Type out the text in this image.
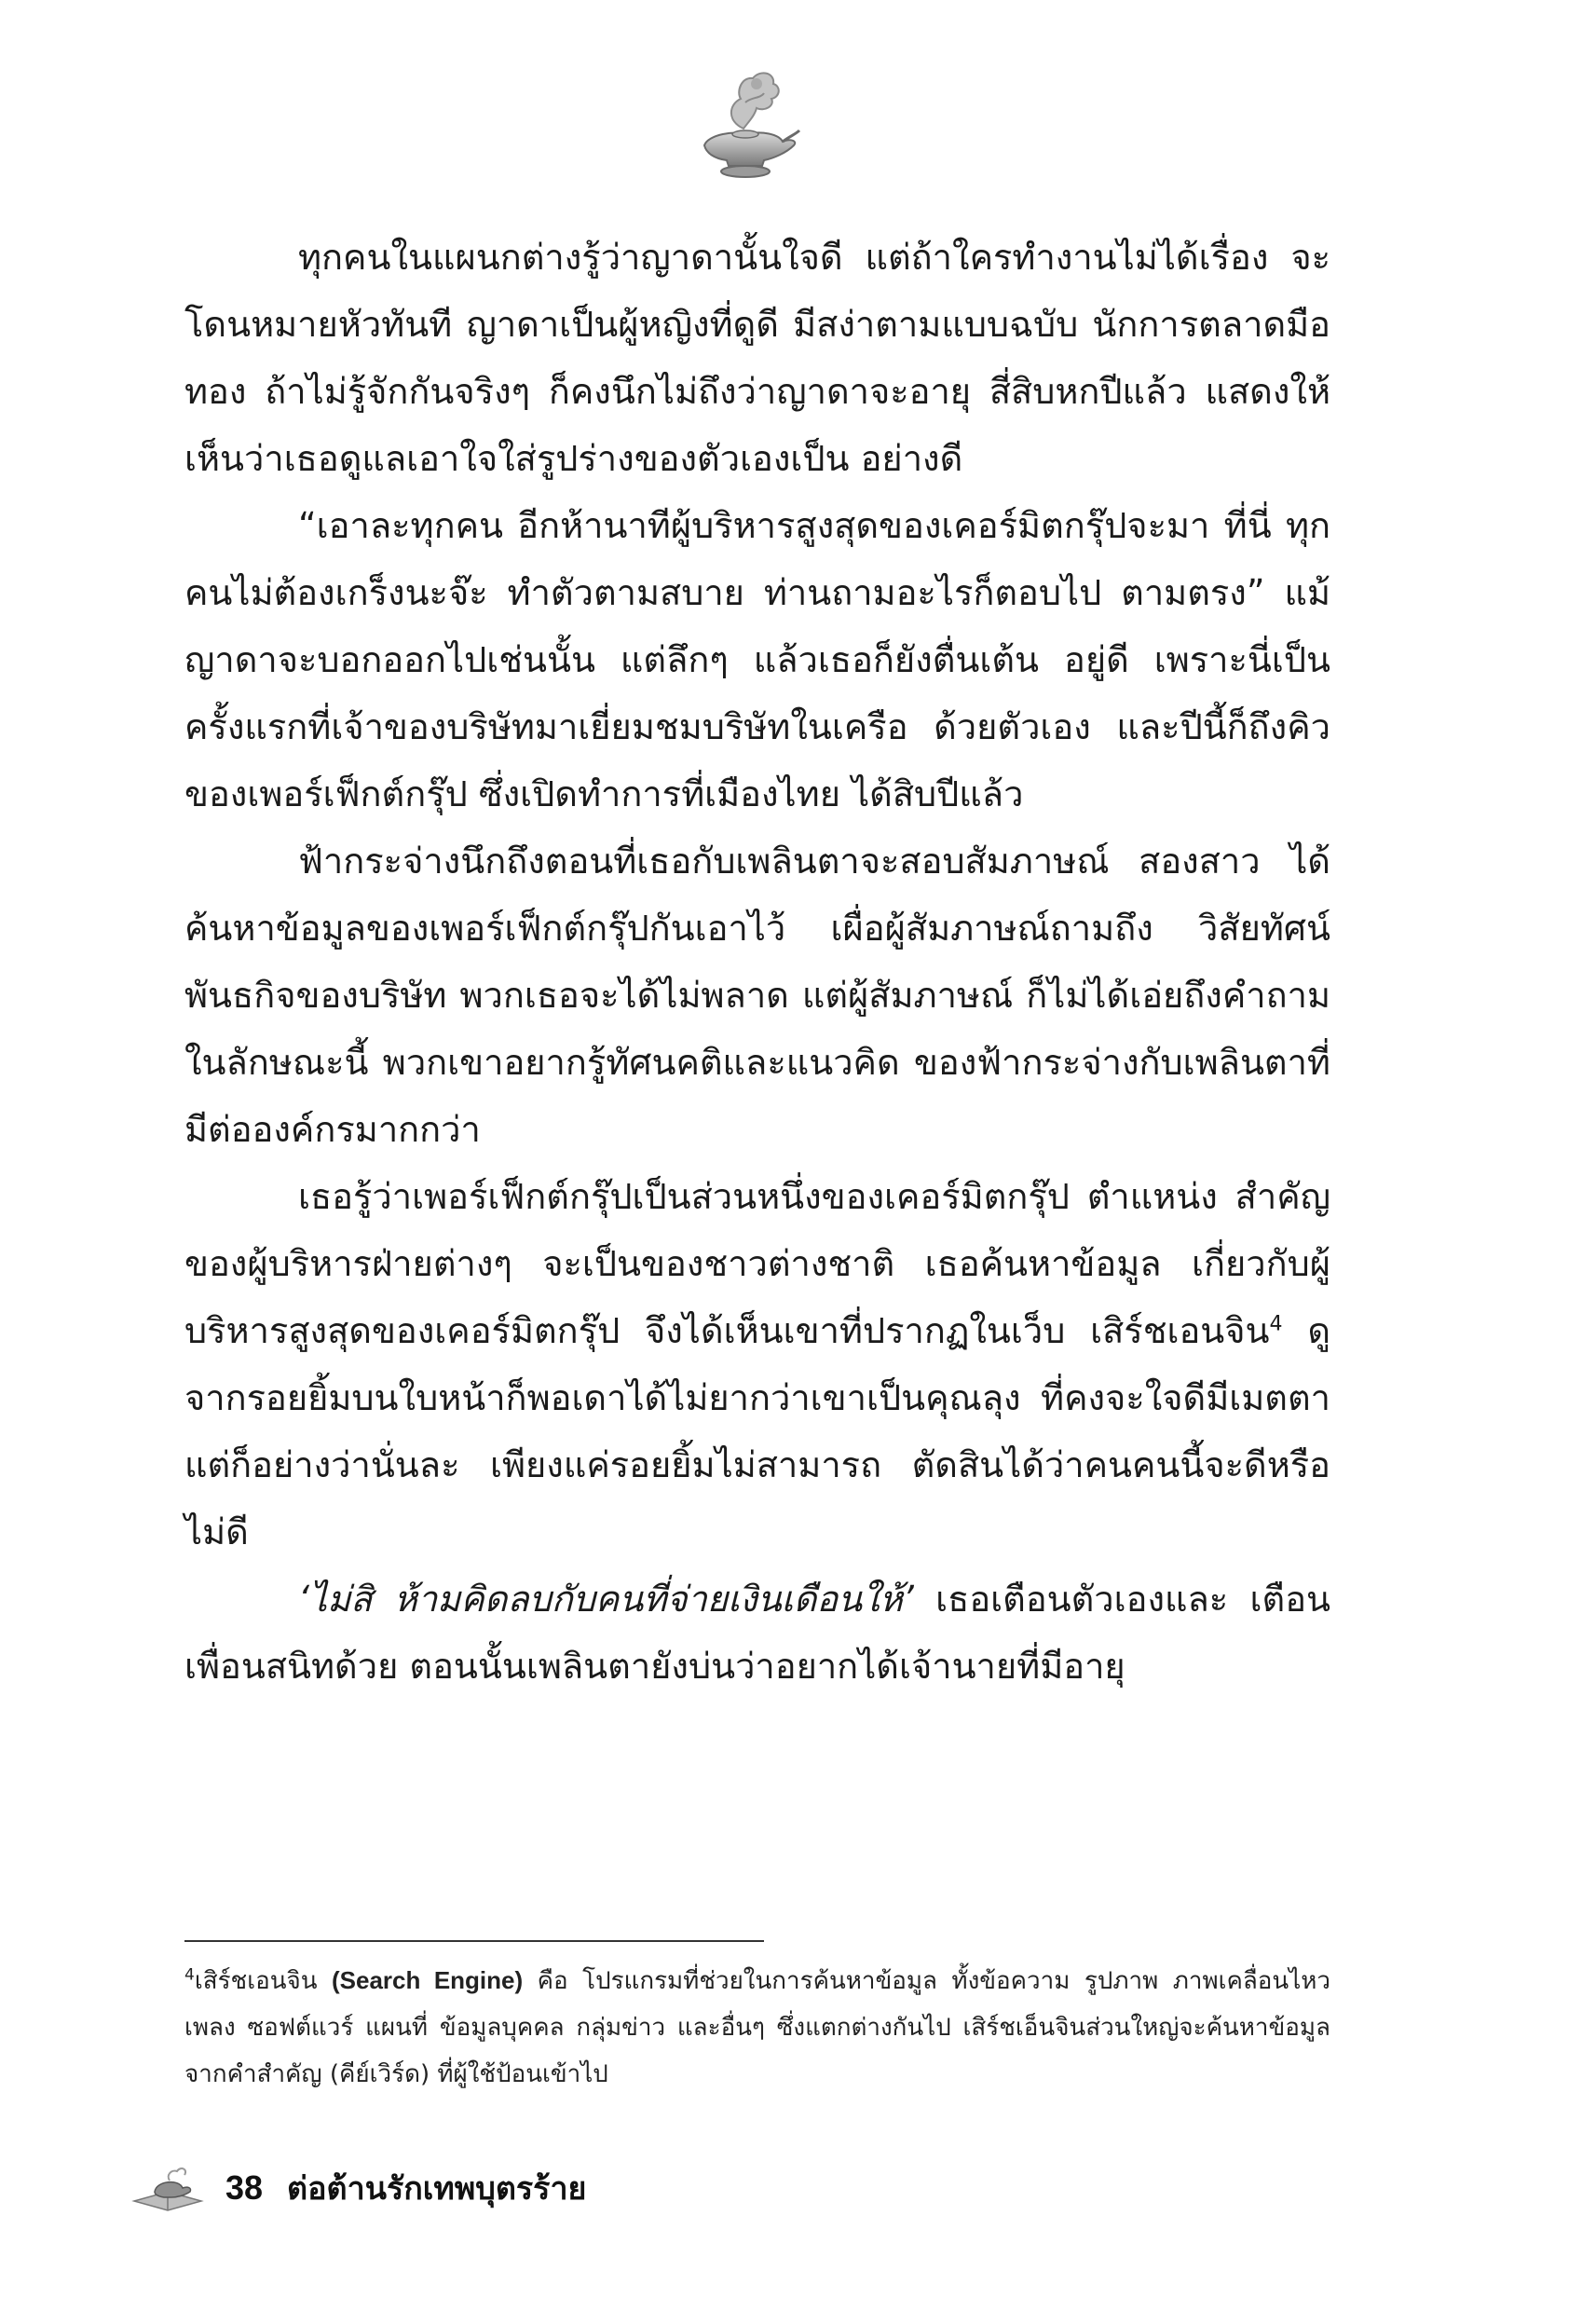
ทุกคนในแผนกต่างรู้ว่าญาดานั้นใจดี แต่ถ้าใครทำงานไม่ได้เรื่อง จะโดนหมายหัวทันที ญาดาเป็นผู้หญิงที่ดูดี มีสง่าตามแบบฉบับ นักการตลาดมือทอง ถ้าไม่รู้จักกันจริงๆ ก็คงนึกไม่ถึงว่าญาดาจะอายุ สี่สิบหกปีแล้ว แสดงให้เห็นว่าเธอดูแลเอาใจใส่รูปร่างของตัวเองเป็น อย่างดี

“เอาละทุกคน อีกห้านาทีผู้บริหารสูงสุดของเคอร์มิตกรุ๊ปจะมา ที่นี่ ทุกคนไม่ต้องเกร็งนะจ๊ะ ทำตัวตามสบาย ท่านถามอะไรก็ตอบไป ตามตรง” แม้ญาดาจะบอกออกไปเช่นนั้น แต่ลึกๆ แล้วเธอก็ยังตื่นเต้น อยู่ดี เพราะนี่เป็นครั้งแรกที่เจ้าของบริษัทมาเยี่ยมชมบริษัทในเครือ ด้วยตัวเอง และปีนี้ก็ถึงคิวของเพอร์เฟ็กต์กรุ๊ป ซึ่งเปิดทำการที่เมืองไทย ได้สิบปีแล้ว

ฟ้ากระจ่างนึกถึงตอนที่เธอกับเพลินตาจะสอบสัมภาษณ์ สองสาว ได้ค้นหาข้อมูลของเพอร์เฟ็กต์กรุ๊ปกันเอาไว้ เผื่อผู้สัมภาษณ์ถามถึง วิสัยทัศน์ พันธกิจของบริษัท พวกเธอจะได้ไม่พลาด แต่ผู้สัมภาษณ์ ก็ไม่ได้เอ่ยถึงคำถามในลักษณะนี้ พวกเขาอยากรู้ทัศนคติและแนวคิด ของฟ้ากระจ่างกับเพลินตาที่มีต่อองค์กรมากกว่า

เธอรู้ว่าเพอร์เฟ็กต์กรุ๊ปเป็นส่วนหนึ่งของเคอร์มิตกรุ๊ป ตำแหน่ง สำคัญของผู้บริหารฝ่ายต่างๆ จะเป็นของชาวต่างชาติ เธอค้นหาข้อมูล เกี่ยวกับผู้บริหารสูงสุดของเคอร์มิตกรุ๊ป จึงได้เห็นเขาที่ปรากฏในเว็บ เสิร์ชเอนจิน$^4$ ดูจากรอยยิ้มบนใบหน้าก็พอเดาได้ไม่ยากว่าเขาเป็นคุณลุง ที่คงจะใจดีมีเมตตา แต่ก็อย่างว่านั่นละ เพียงแค่รอยยิ้มไม่สามารถ ตัดสินได้ว่าคนคนนี้จะดีหรือไม่ดี

‘ไม่สิ ห้ามคิดลบกับคนที่จ่ายเงินเดือนให้’ เธอเตือนตัวเองและ เตือนเพื่อนสนิทด้วย ตอนนั้นเพลินตายังบ่นว่าอยากได้เจ้านายที่มีอายุ

$^4$เสิร์ชเอนจิน (Search Engine) คือ โปรแกรมที่ช่วยในการค้นหาข้อมูล ทั้งข้อความ รูปภาพ ภาพเคลื่อนไหว เพลง ซอฟต์แวร์ แผนที่ ข้อมูลบุคคล กลุ่มข่าว และอื่นๆ ซึ่งแตกต่างกันไป เสิร์ชเอ็นจินส่วนใหญ่จะค้นหาข้อมูลจากคำสำคัญ (คีย์เวิร์ด) ที่ผู้ใช้ป้อนเข้าไป
38 ต่อต้านรักเทพบุตรร้าย
